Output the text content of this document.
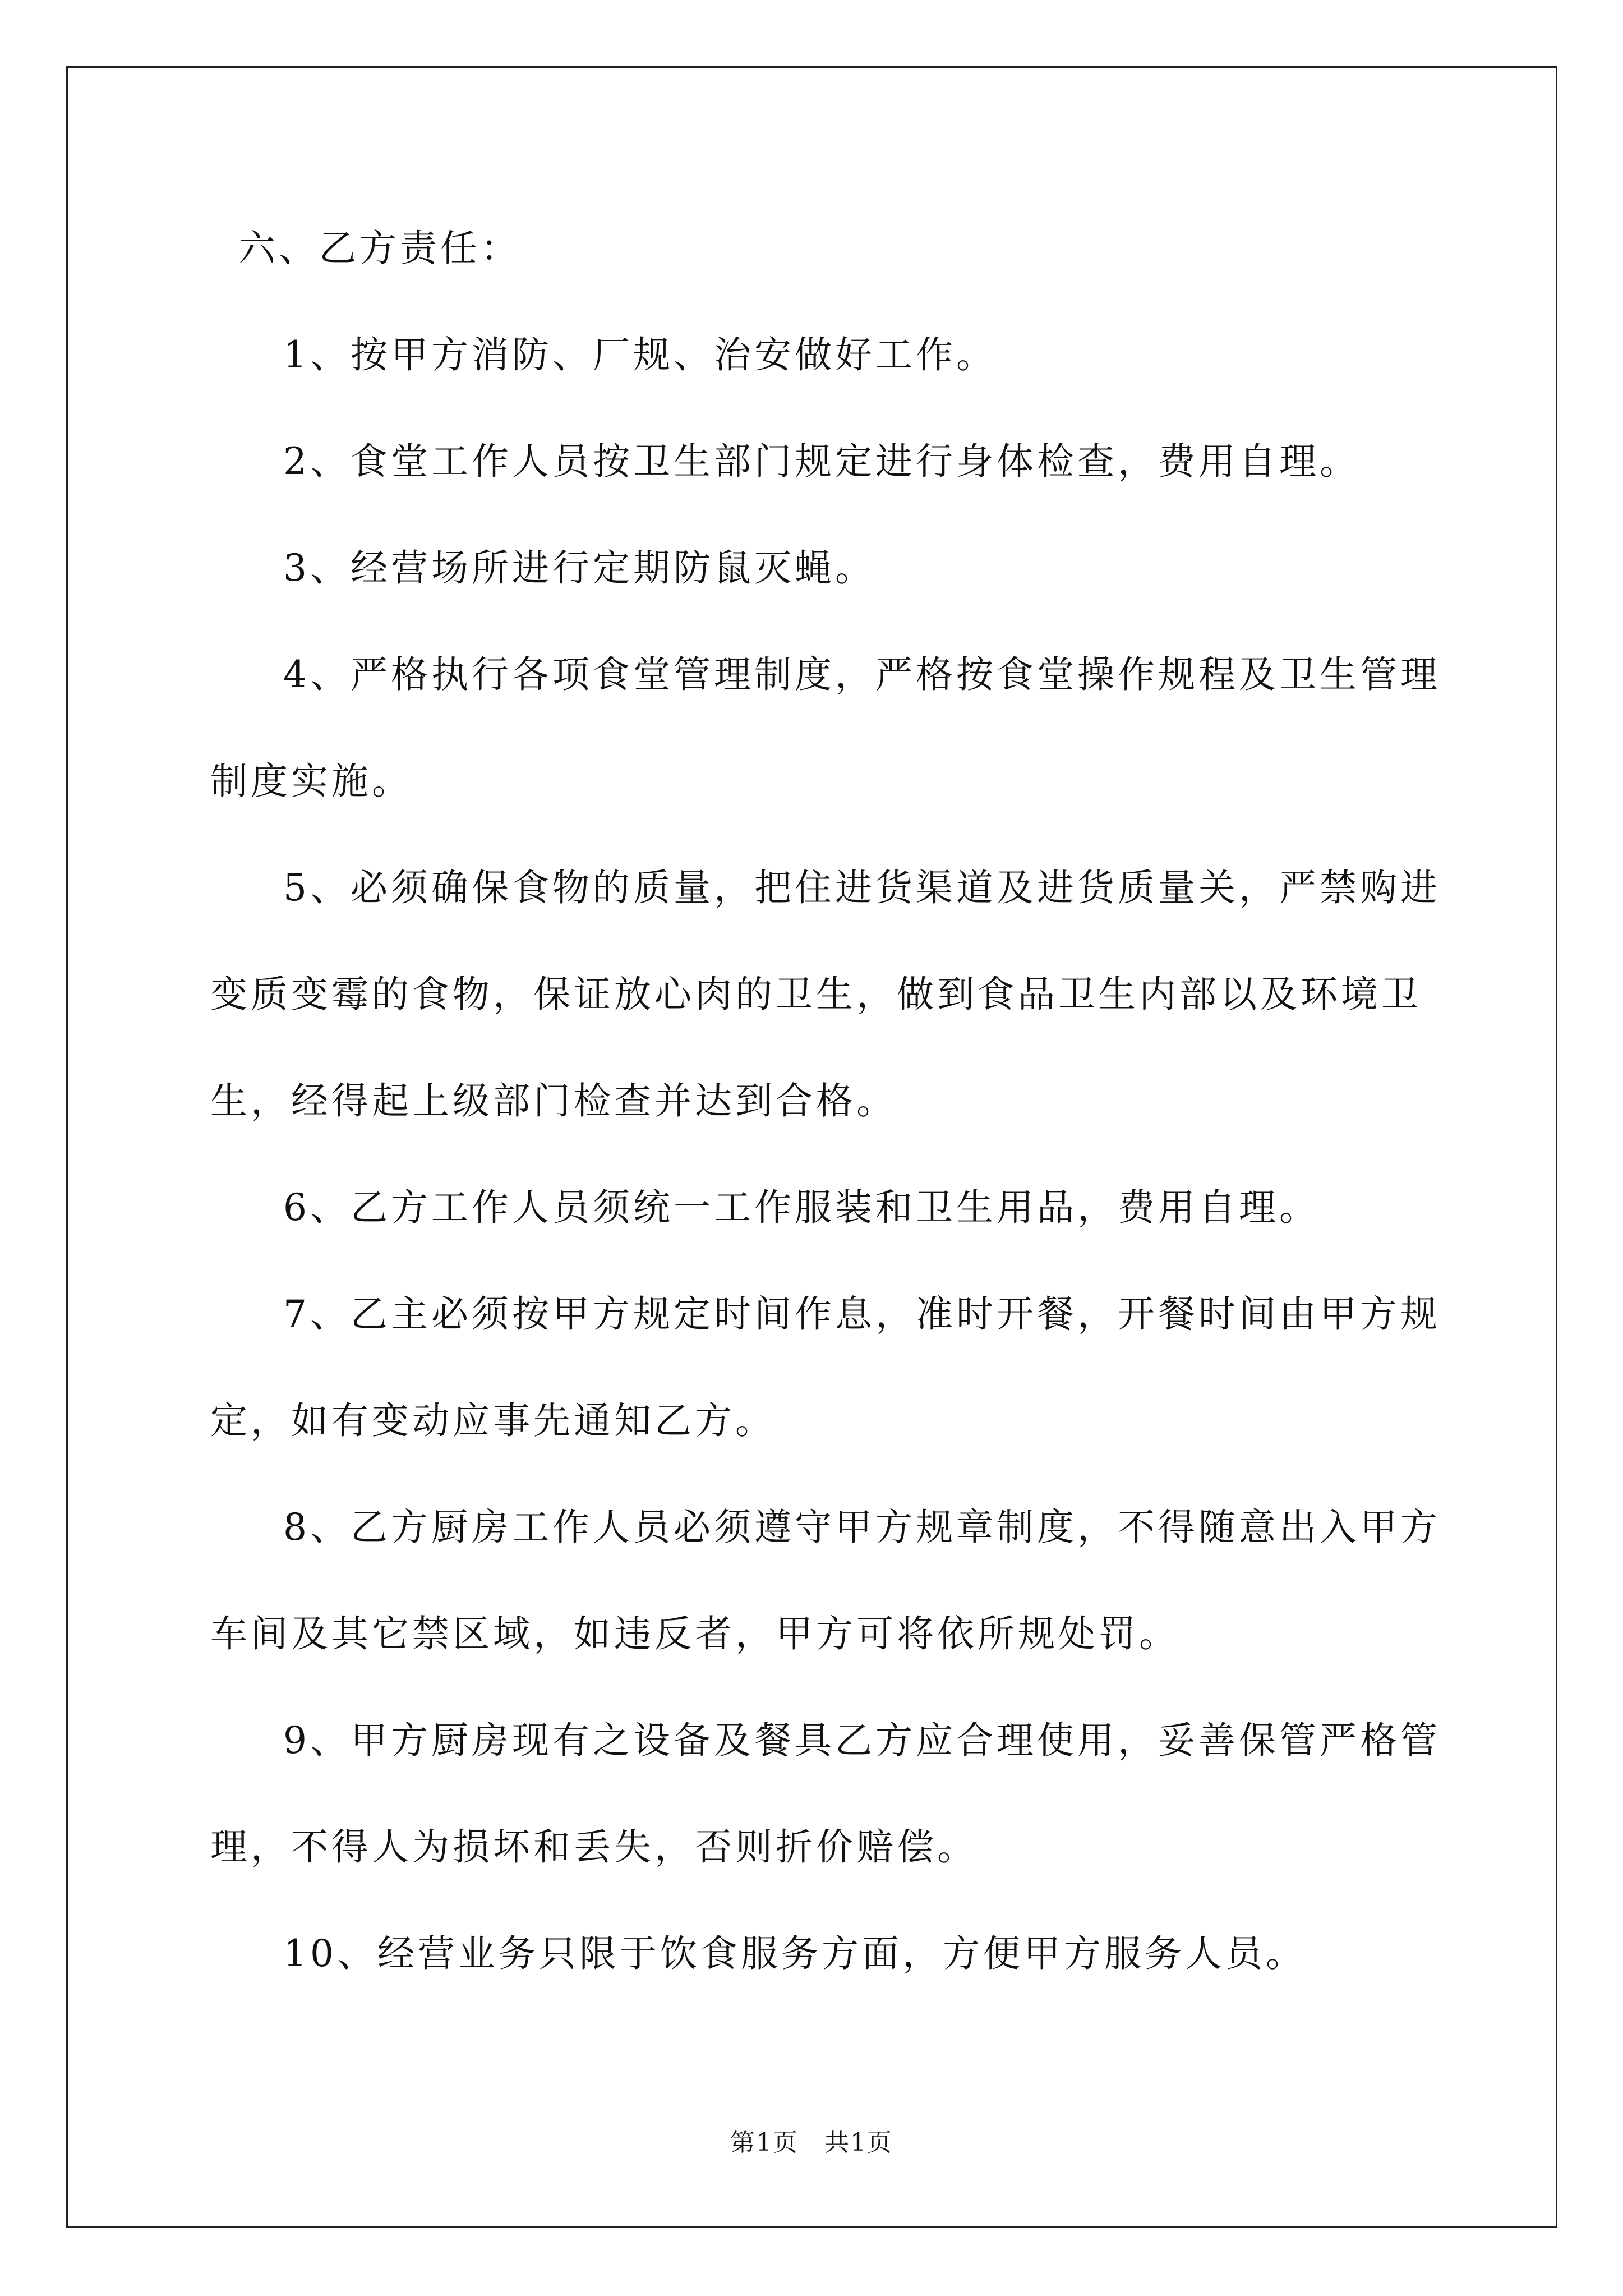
六、乙方责任：
1、按甲方消防、厂规、治安做好工作。
2、食堂工作人员按卫生部门规定进行身体检查，费用自理。
3、经营场所进行定期防鼠灭蝇。
4、严格执行各项食堂管理制度，严格按食堂操作规程及卫生管理
制度实施。
5、必须确保食物的质量，把住进货渠道及进货质量关，严禁购进
变质变霉的食物，保证放心肉的卫生，做到食品卫生内部以及环境卫
生，经得起上级部门检查并达到合格。
6、乙方工作人员须统一工作服装和卫生用品，费用自理。
7、乙主必须按甲方规定时间作息，准时开餐，开餐时间由甲方规
定，如有变动应事先通知乙方。
8、乙方厨房工作人员必须遵守甲方规章制度，不得随意出入甲方
车间及其它禁区域，如违反者，甲方可将依所规处罚。
9、甲方厨房现有之设备及餐具乙方应合理使用，妥善保管严格管
理，不得人为损坏和丢失，否则折价赔偿。
10、经营业务只限于饮食服务方面，方便甲方服务人员。
第1页　共1页
